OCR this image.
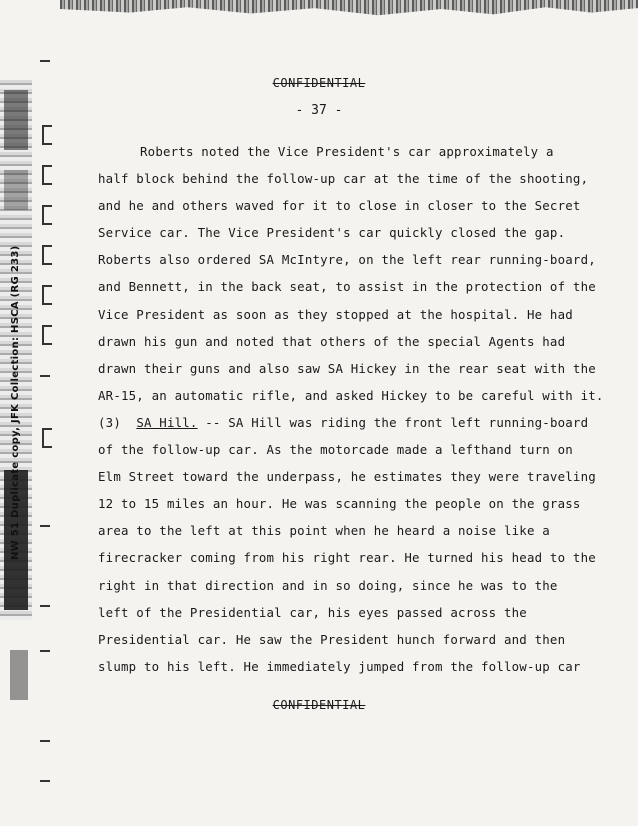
NW 51 Duplicate copy, JFK Collection: HSCA (RG 233)
CONFIDENTIAL
- 37 -
Roberts noted the Vice President's car approximately a
half block behind the follow-up car at the time of the shooting,
and he and others waved for it to close in closer to the Secret
Service car. The Vice President's car quickly closed the gap.
Roberts also ordered SA McIntyre, on the left rear running-board,
and Bennett, in the back seat, to assist in the protection of the
Vice President as soon as they stopped at the hospital. He had
drawn his gun and noted that others of the special Agents had
drawn their guns and also saw SA Hickey in the rear seat with the
AR-15, an automatic rifle, and asked Hickey to be careful with it.
(3) SA Hill. -- SA Hill was riding the front left running-board
of the follow-up car. As the motorcade made a lefthand turn on
Elm Street toward the underpass, he estimates they were traveling
12 to 15 miles an hour. He was scanning the people on the grass
area to the left at this point when he heard a noise like a
firecracker coming from his right rear. He turned his head to the
right in that direction and in so doing, since he was to the
left of the Presidential car, his eyes passed across the
Presidential car. He saw the President hunch forward and then
slump to his left. He immediately jumped from the follow-up car
CONFIDENTIAL
